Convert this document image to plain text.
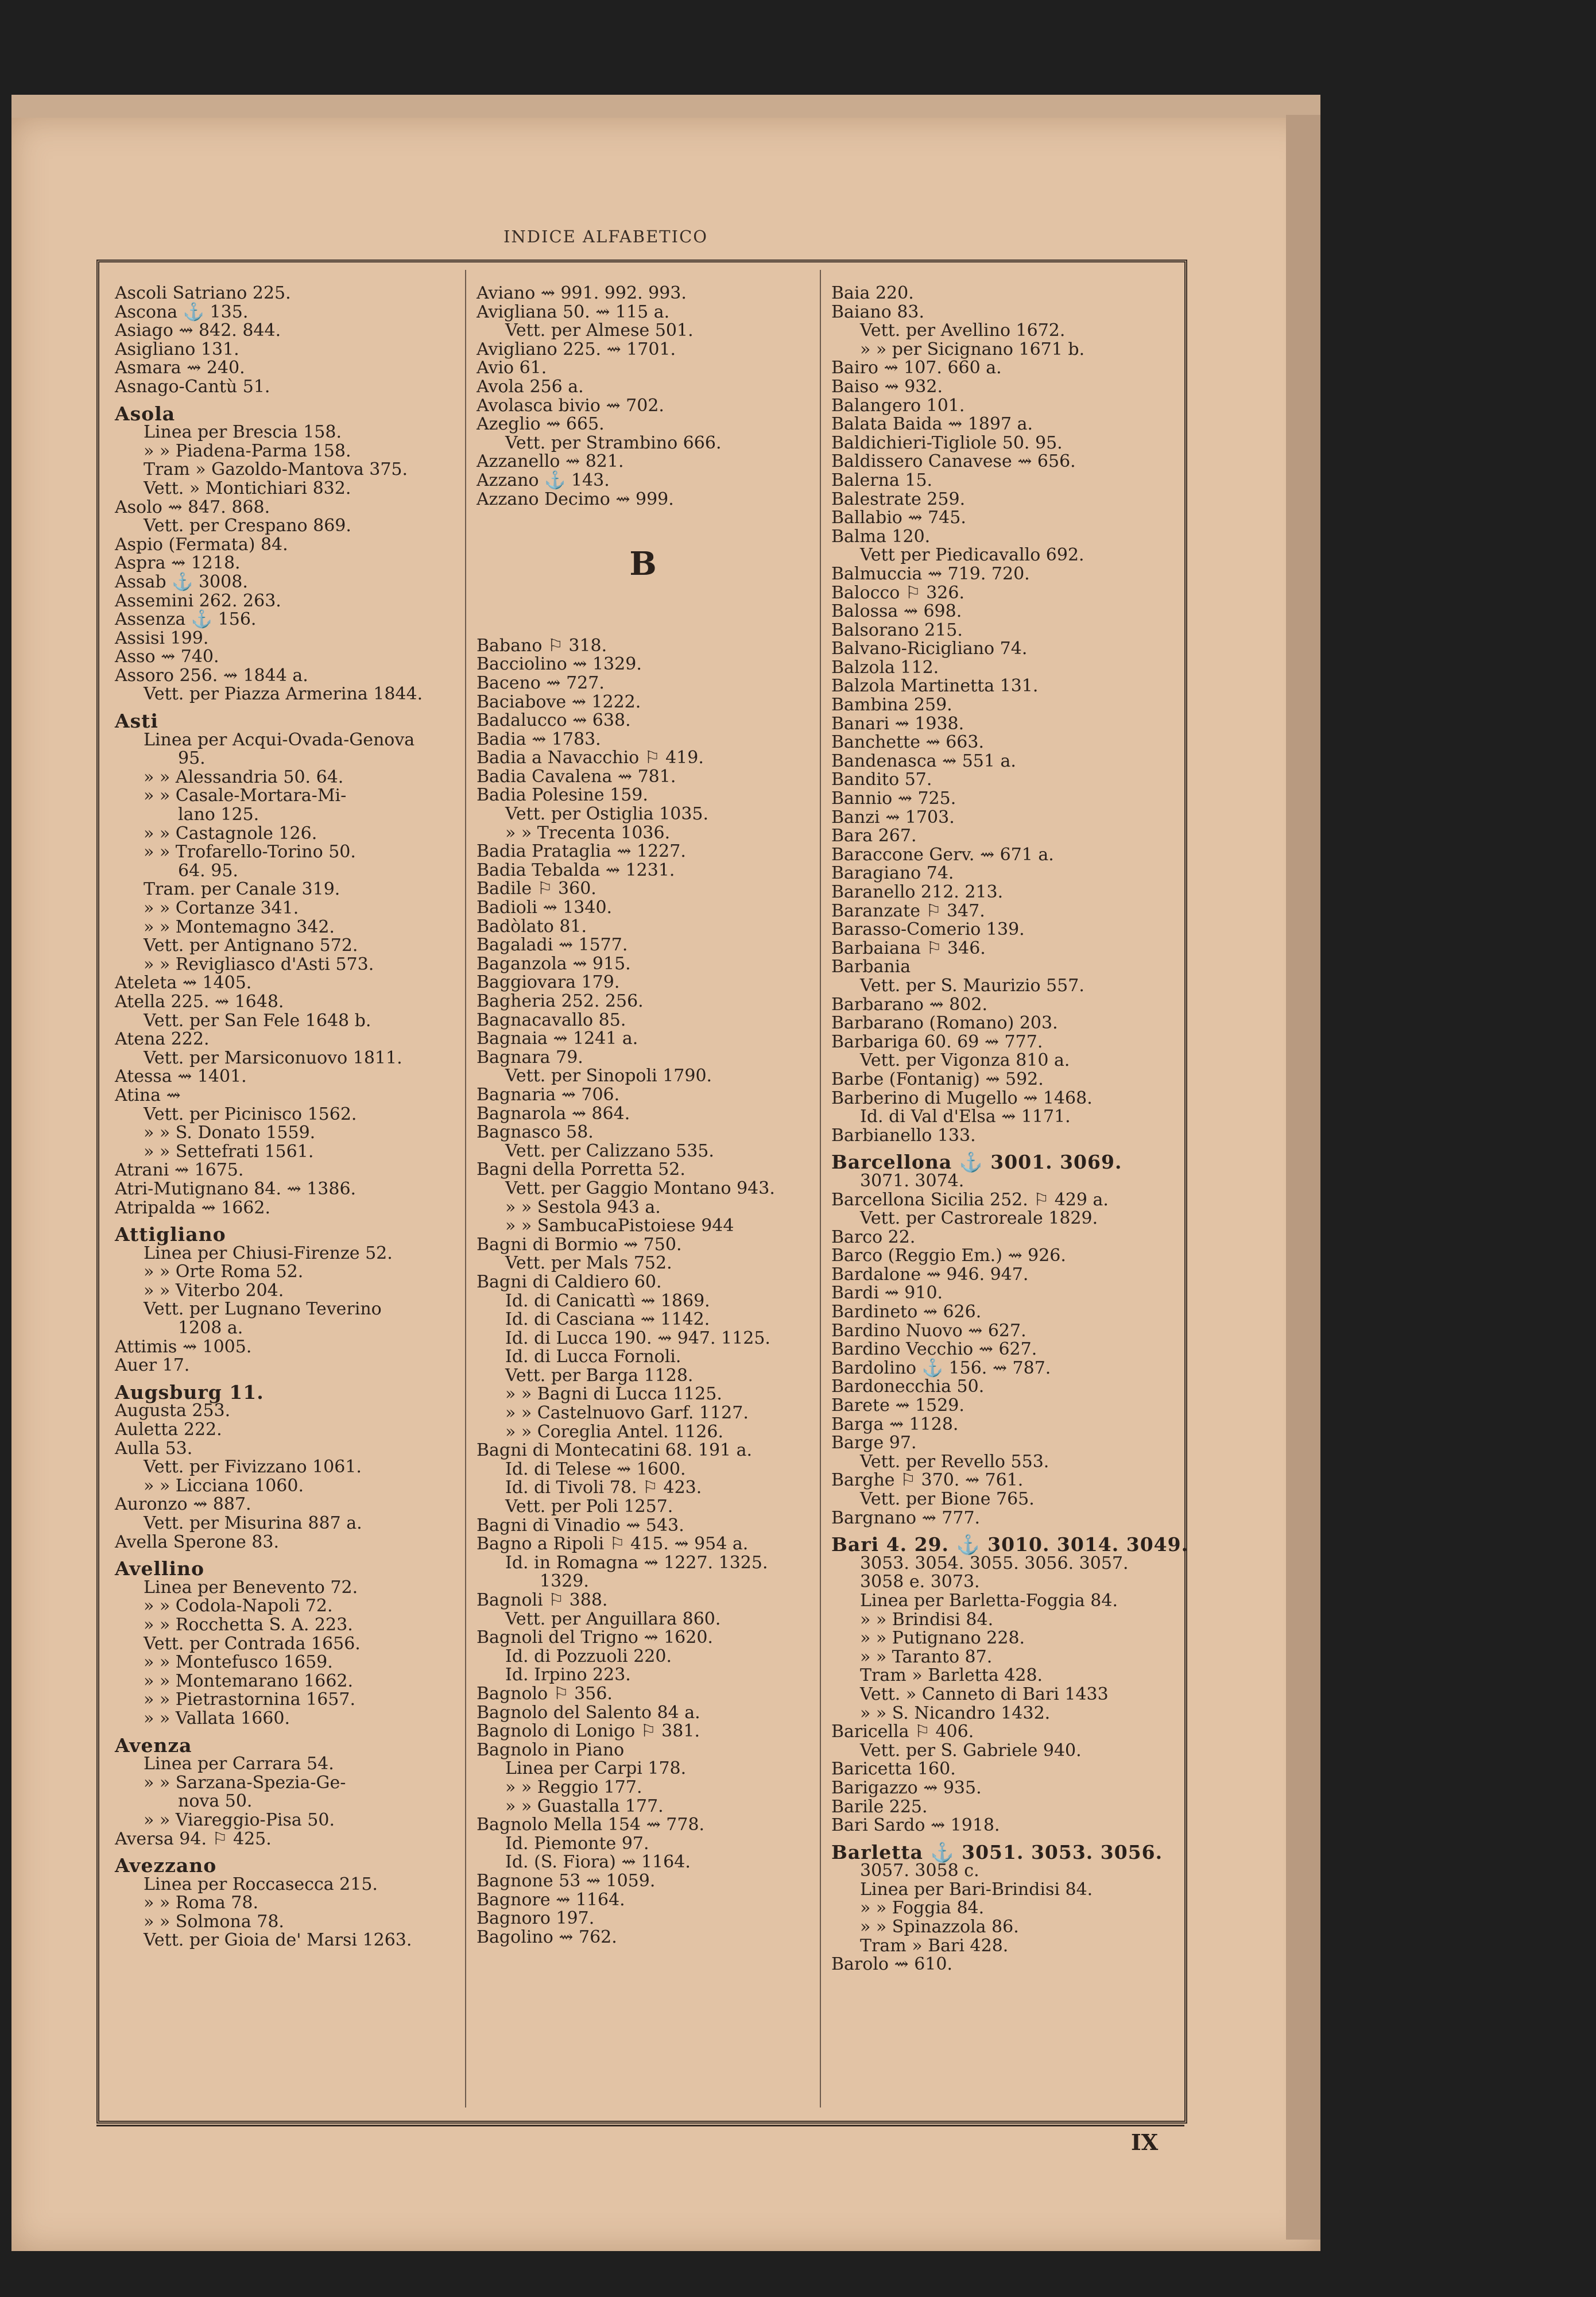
INDICE ALFABETICO
Ascoli Satriano 225.
Ascona ⚓ 135.
Asiago ⇝ 842. 844.
Asigliano 131.
Asmara ⇝ 240.
Asnago-Cantù 51.
Asola
Linea per Brescia 158.
» » Piadena-Parma 158.
Tram » Gazoldo-Mantova 375.
Vett. » Montichiari 832.
Asolo ⇝ 847. 868.
Vett. per Crespano 869.
Aspio (Fermata) 84.
Aspra ⇝ 1218.
Assab ⚓ 3008.
Assemini 262. 263.
Assenza ⚓ 156.
Assisi 199.
Asso ⇝ 740.
Assoro 256. ⇝ 1844 a.
Vett. per Piazza Armerina 1844.
Asti
Linea per Acqui-Ovada-Genova
95.
» » Alessandria 50. 64.
» » Casale-Mortara-Mi-
lano 125.
» » Castagnole 126.
» » Trofarello-Torino 50.
64. 95.
Tram. per Canale 319.
» » Cortanze 341.
» » Montemagno 342.
Vett. per Antignano 572.
» » Revigliasco d'Asti 573.
Ateleta ⇝ 1405.
Atella 225. ⇝ 1648.
Vett. per San Fele 1648 b.
Atena 222.
Vett. per Marsiconuovo 1811.
Atessa ⇝ 1401.
Atina ⇝
Vett. per Picinisco 1562.
» » S. Donato 1559.
» » Settefrati 1561.
Atrani ⇝ 1675.
Atri-Mutignano 84. ⇝ 1386.
Atripalda ⇝ 1662.
Attigliano
Linea per Chiusi-Firenze 52.
» » Orte Roma 52.
» » Viterbo 204.
Vett. per Lugnano Teverino
1208 a.
Attimis ⇝ 1005.
Auer 17.
Augsburg 11.
Augusta 253.
Auletta 222.
Aulla 53.
Vett. per Fivizzano 1061.
» » Licciana 1060.
Auronzo ⇝ 887.
Vett. per Misurina 887 a.
Avella Sperone 83.
Avellino
Linea per Benevento 72.
» » Codola-Napoli 72.
» » Rocchetta S. A. 223.
Vett. per Contrada 1656.
» » Montefusco 1659.
» » Montemarano 1662.
» » Pietrastornina 1657.
» » Vallata 1660.
Avenza
Linea per Carrara 54.
» » Sarzana-Spezia-Ge-
nova 50.
» » Viareggio-Pisa 50.
Aversa 94. ⚐ 425.
Avezzano
Linea per Roccasecca 215.
» » Roma 78.
» » Solmona 78.
Vett. per Gioia de' Marsi 1263.
Aviano ⇝ 991. 992. 993.
Avigliana 50. ⇝ 115 a.
Vett. per Almese 501.
Avigliano 225. ⇝ 1701.
Avio 61.
Avola 256 a.
Avolasca bivio ⇝ 702.
Azeglio ⇝ 665.
Vett. per Strambino 666.
Azzanello ⇝ 821.
Azzano ⚓ 143.
Azzano Decimo ⇝ 999.
B
Babano ⚐ 318.
Bacciolino ⇝ 1329.
Baceno ⇝ 727.
Baciabove ⇝ 1222.
Badalucco ⇝ 638.
Badia ⇝ 1783.
Badia a Navacchio ⚐ 419.
Badia Cavalena ⇝ 781.
Badia Polesine 159.
Vett. per Ostiglia 1035.
» » Trecenta 1036.
Badia Prataglia ⇝ 1227.
Badia Tebalda ⇝ 1231.
Badile ⚐ 360.
Badioli ⇝ 1340.
Badòlato 81.
Bagaladi ⇝ 1577.
Baganzola ⇝ 915.
Baggiovara 179.
Bagheria 252. 256.
Bagnacavallo 85.
Bagnaia ⇝ 1241 a.
Bagnara 79.
Vett. per Sinopoli 1790.
Bagnaria ⇝ 706.
Bagnarola ⇝ 864.
Bagnasco 58.
Vett. per Calizzano 535.
Bagni della Porretta 52.
Vett. per Gaggio Montano 943.
» » Sestola 943 a.
» » SambucaPistoiese 944
Bagni di Bormio ⇝ 750.
Vett. per Mals 752.
Bagni di Caldiero 60.
Id. di Canicattì ⇝ 1869.
Id. di Casciana ⇝ 1142.
Id. di Lucca 190. ⇝ 947. 1125.
Id. di Lucca Fornoli.
Vett. per Barga 1128.
» » Bagni di Lucca 1125.
» » Castelnuovo Garf. 1127.
» » Coreglia Antel. 1126.
Bagni di Montecatini 68. 191 a.
Id. di Telese ⇝ 1600.
Id. di Tivoli 78. ⚐ 423.
Vett. per Poli 1257.
Bagni di Vinadio ⇝ 543.
Bagno a Ripoli ⚐ 415. ⇝ 954 a.
Id. in Romagna ⇝ 1227. 1325.
1329.
Bagnoli ⚐ 388.
Vett. per Anguillara 860.
Bagnoli del Trigno ⇝ 1620.
Id. di Pozzuoli 220.
Id. Irpino 223.
Bagnolo ⚐ 356.
Bagnolo del Salento 84 a.
Bagnolo di Lonigo ⚐ 381.
Bagnolo in Piano
Linea per Carpi 178.
» » Reggio 177.
» » Guastalla 177.
Bagnolo Mella 154 ⇝ 778.
Id. Piemonte 97.
Id. (S. Fiora) ⇝ 1164.
Bagnone 53 ⇝ 1059.
Bagnore ⇝ 1164.
Bagnoro 197.
Bagolino ⇝ 762.
Baia 220.
Baiano 83.
Vett. per Avellino 1672.
» » per Sicignano 1671 b.
Bairo ⇝ 107. 660 a.
Baiso ⇝ 932.
Balangero 101.
Balata Baida ⇝ 1897 a.
Baldichieri-Tigliole 50. 95.
Baldissero Canavese ⇝ 656.
Balerna 15.
Balestrate 259.
Ballabio ⇝ 745.
Balma 120.
Vett per Piedicavallo 692.
Balmuccia ⇝ 719. 720.
Balocco ⚐ 326.
Balossa ⇝ 698.
Balsorano 215.
Balvano-Ricigliano 74.
Balzola 112.
Balzola Martinetta 131.
Bambina 259.
Banari ⇝ 1938.
Banchette ⇝ 663.
Bandenasca ⇝ 551 a.
Bandito 57.
Bannio ⇝ 725.
Banzi ⇝ 1703.
Bara 267.
Baraccone Gerv. ⇝ 671 a.
Baragiano 74.
Baranello 212. 213.
Baranzate ⚐ 347.
Barasso-Comerio 139.
Barbaiana ⚐ 346.
Barbania
Vett. per S. Maurizio 557.
Barbarano ⇝ 802.
Barbarano (Romano) 203.
Barbariga 60. 69 ⇝ 777.
Vett. per Vigonza 810 a.
Barbe (Fontanig) ⇝ 592.
Barberino di Mugello ⇝ 1468.
Id. di Val d'Elsa ⇝ 1171.
Barbianello 133.
Barcellona ⚓ 3001. 3069.
3071. 3074.
Barcellona Sicilia 252. ⚐ 429 a.
Vett. per Castroreale 1829.
Barco 22.
Barco (Reggio Em.) ⇝ 926.
Bardalone ⇝ 946. 947.
Bardi ⇝ 910.
Bardineto ⇝ 626.
Bardino Nuovo ⇝ 627.
Bardino Vecchio ⇝ 627.
Bardolino ⚓ 156. ⇝ 787.
Bardonecchia 50.
Barete ⇝ 1529.
Barga ⇝ 1128.
Barge 97.
Vett. per Revello 553.
Barghe ⚐ 370. ⇝ 761.
Vett. per Bione 765.
Bargnano ⇝ 777.
Bari 4. 29. ⚓ 3010. 3014. 3049.
3053. 3054. 3055. 3056. 3057.
3058 e. 3073.
Linea per Barletta-Foggia 84.
» » Brindisi 84.
» » Putignano 228.
» » Taranto 87.
Tram » Barletta 428.
Vett. » Canneto di Bari 1433
» » S. Nicandro 1432.
Baricella ⚐ 406.
Vett. per S. Gabriele 940.
Baricetta 160.
Barigazzo ⇝ 935.
Barile 225.
Bari Sardo ⇝ 1918.
Barletta ⚓ 3051. 3053. 3056.
3057. 3058 c.
Linea per Bari-Brindisi 84.
» » Foggia 84.
» » Spinazzola 86.
Tram » Bari 428.
Barolo ⇝ 610.
IX
